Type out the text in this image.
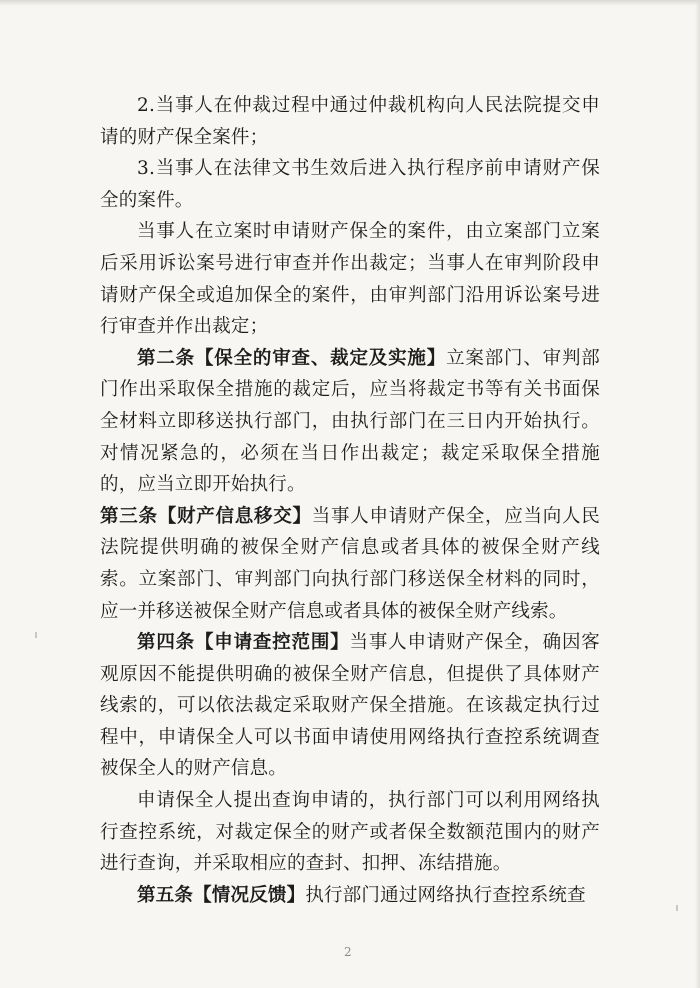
2.当事人在仲裁过程中通过仲裁机构向人民法院提交申请的财产保全案件；

3.当事人在法律文书生效后进入执行程序前申请财产保全的案件。

当事人在立案时申请财产保全的案件，由立案部门立案后采用诉讼案号进行审查并作出裁定；当事人在审判阶段申请财产保全或追加保全的案件，由审判部门沿用诉讼案号进行审查并作出裁定；

第二条【保全的审查、裁定及实施】立案部门、审判部门作出采取保全措施的裁定后，应当将裁定书等有关书面保全材料立即移送执行部门，由执行部门在三日内开始执行。对情况紧急的，必须在当日作出裁定；裁定采取保全措施的，应当立即开始执行。

第三条【财产信息移交】当事人申请财产保全，应当向人民法院提供明确的被保全财产信息或者具体的被保全财产线索。立案部门、审判部门向执行部门移送保全材料的同时，应一并移送被保全财产信息或者具体的被保全财产线索。

第四条【申请查控范围】当事人申请财产保全，确因客观原因不能提供明确的被保全财产信息，但提供了具体财产线索的，可以依法裁定采取财产保全措施。在该裁定执行过程中，申请保全人可以书面申请使用网络执行查控系统调查被保全人的财产信息。

申请保全人提出查询申请的，执行部门可以利用网络执行查控系统，对裁定保全的财产或者保全数额范围内的财产进行查询，并采取相应的查封、扣押、冻结措施。

第五条【情况反馈】执行部门通过网络执行查控系统查

2
